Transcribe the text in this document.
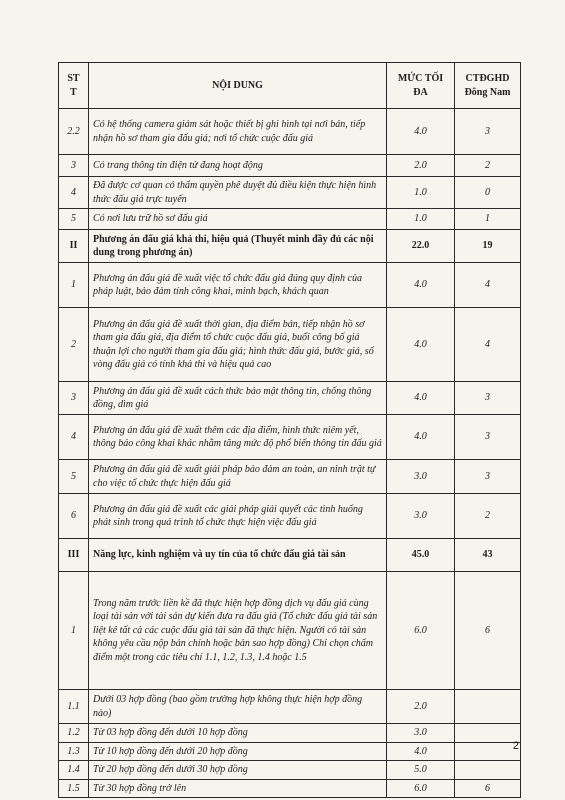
ST T	NỘI DUNG	MỨC TỐI ĐA	CTĐGHD Đông Nam
2.2	Có hệ thống camera giám sát hoặc thiết bị ghi hình tại nơi bán, tiếp nhận hồ sơ tham gia đấu giá; nơi tổ chức cuộc đấu giá	4.0	3
3	Có trang thông tin điện tử đang hoạt động	2.0	2
4	Đã được cơ quan có thẩm quyền phê duyệt đủ điều kiện thực hiện hình thức đấu giá trực tuyến	1.0	0
5	Có nơi lưu trữ hồ sơ đấu giá	1.0	1
II	Phương án đấu giá khả thi, hiệu quả (Thuyết minh đầy đủ các nội dung trong phương án)	22.0	19
1	Phương án đấu giá đề xuất việc tổ chức đấu giá đúng quy định của pháp luật, bảo đảm tính công khai, minh bạch, khách quan	4.0	4
2	Phương án đấu giá đề xuất thời gian, địa điểm bán, tiếp nhận hồ sơ tham gia đấu giá, địa điểm tổ chức cuộc đấu giá, buổi công bố giá thuận lợi cho người tham gia đấu giá; hình thức đấu giá, bước giá, số vòng đấu giá có tính khả thi và hiệu quả cao	4.0	4
3	Phương án đấu giá đề xuất cách thức bảo mật thông tin, chống thông đồng, dìm giá	4.0	3
4	Phương án đấu giá đề xuất thêm các địa điểm, hình thức niêm yết, thông báo công khai khác nhằm tăng mức độ phổ biến thông tin đấu giá	4.0	3
5	Phương án đấu giá đề xuất giải pháp bảo đảm an toàn, an ninh trật tự cho việc tổ chức thực hiện đấu giá	3.0	3
6	Phương án đấu giá đề xuất các giải pháp giải quyết các tình huống phát sinh trong quá trình tổ chức thực hiện việc đấu giá	3.0	2
III	Năng lực, kinh nghiệm và uy tín của tổ chức đấu giá tài sản	45.0	43
1	Trong năm trước liền kề đã thực hiện hợp đồng dịch vụ đấu giá cùng loại tài sản với tài sản dự kiến đưa ra đấu giá (Tổ chức đấu giá tài sản liệt kê tất cả các cuộc đấu giá tài sản đã thực hiện. Người có tài sản không yêu cầu nộp bản chính hoặc bản sao hợp đồng) Chỉ chọn chấm điểm một trong các tiêu chí 1.1, 1.2, 1.3, 1.4 hoặc 1.5	6.0	6
1.1	Dưới 03 hợp đồng (bao gồm trường hợp không thực hiện hợp đồng nào)	2.0	
1.2	Từ 03 hợp đồng đến dưới 10 hợp đồng	3.0	
1.3	Từ 10 hợp đồng đến dưới 20 hợp đồng	4.0	
1.4	Từ 20 hợp đồng đến dưới 30 hợp đồng	5.0	
1.5	Từ 30 hợp đồng trở lên	6.0	6
2
